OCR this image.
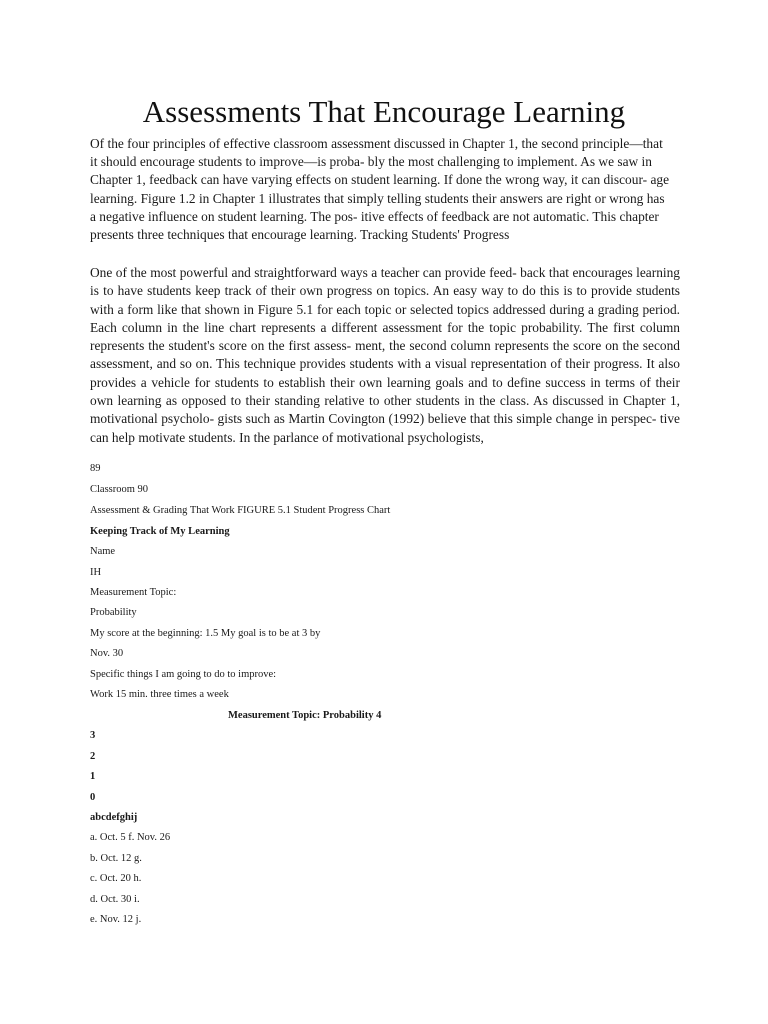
Assessments That Encourage Learning

Of the four principles of effective classroom assessment discussed in Chapter 1, the second principle—that it should encourage students to improve—is proba- bly the most challenging to implement. As we saw in Chapter 1, feedback can have varying effects on student learning. If done the wrong way, it can discour- age learning. Figure 1.2 in Chapter 1 illustrates that simply telling students their answers are right or wrong has a negative influence on student learning. The pos- itive effects of feedback are not automatic. This chapter presents three techniques that encourage learning. Tracking Students' Progress

One of the most powerful and straightforward ways a teacher can provide feed- back that encourages learning is to have students keep track of their own progress on topics. An easy way to do this is to provide students with a form like that shown in Figure 5.1 for each topic or selected topics addressed during a grading period. Each column in the line chart represents a different assessment for the topic probability. The first column represents the student's score on the first assess- ment, the second column represents the score on the second assessment, and so on. This technique provides students with a visual representation of their progress. It also provides a vehicle for students to establish their own learning goals and to define success in terms of their own learning as opposed to their standing relative to other students in the class. As discussed in Chapter 1, motivational psycholo- gists such as Martin Covington (1992) believe that this simple change in perspec- tive can help motivate students. In the parlance of motivational psychologists,

89

Classroom 90

Assessment & Grading That Work FIGURE 5.1 Student Progress Chart

Keeping Track of My Learning

Name

IH

Measurement Topic:

Probability

My score at the beginning: 1.5 My goal is to be at 3 by

Nov. 30

Specific things I am going to do to improve:

Work 15 min. three times a week

Measurement Topic: Probability 4

3

2

1

0

abcdefghij

a. Oct. 5 f. Nov. 26

b. Oct. 12 g.

c. Oct. 20 h.

d. Oct. 30 i.

e. Nov. 12 j.
